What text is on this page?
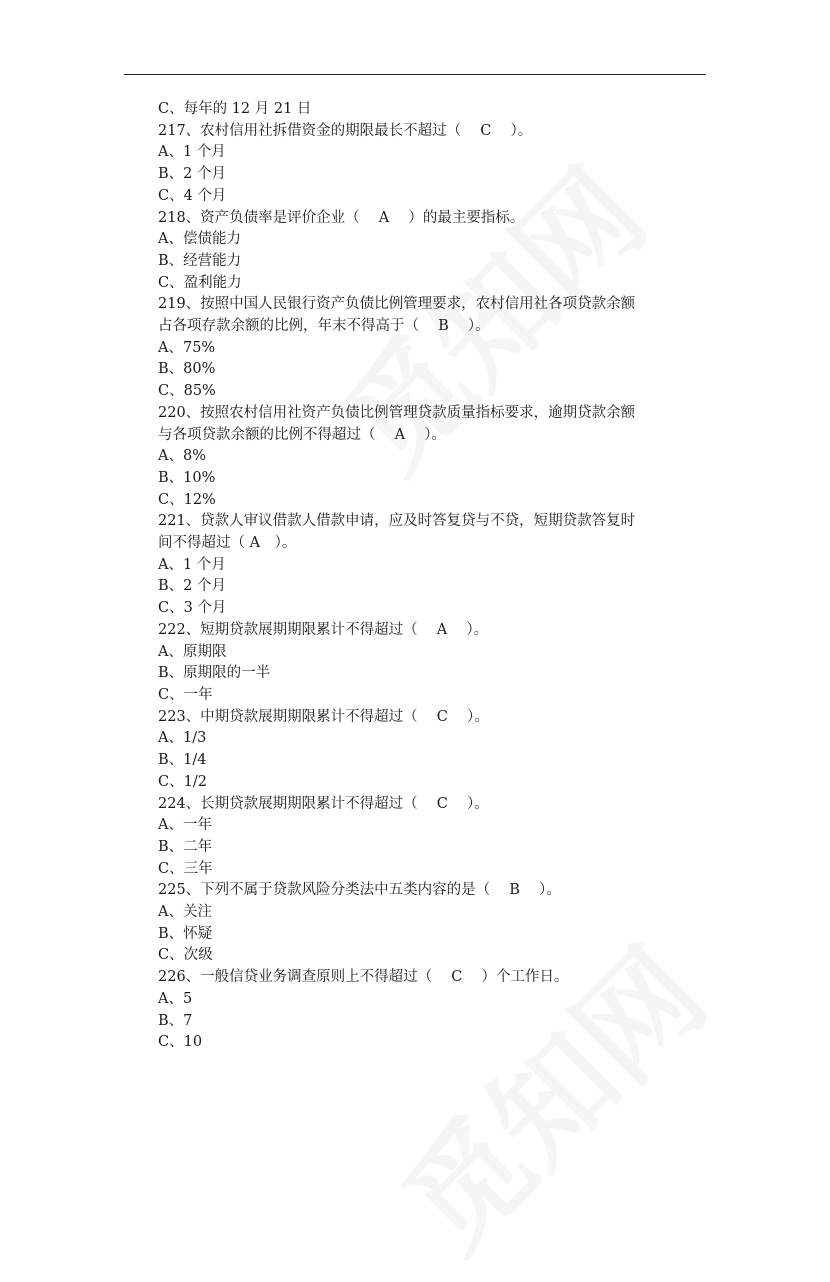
C、每年的 12 月 21 日
217、农村信用社拆借资金的期限最长不超过（　 C　 ）。
A、1 个月
B、2 个月
C、4 个月
218、资产负债率是评价企业（　 A　 ）的最主要指标。
A、偿债能力
B、经营能力
C、盈利能力
219、按照中国人民银行资产负债比例管理要求，农村信用社各项贷款余额
占各项存款余额的比例，年末不得高于（　 B　 ）。
A、75%
B、80%
C、85%
220、按照农村信用社资产负债比例管理贷款质量指标要求，逾期贷款余额
与各项贷款余额的比例不得超过（　 A　 ）。
A、8%
B、10%
C、12%
221、贷款人审议借款人借款申请，应及时答复贷与不贷，短期贷款答复时
间不得超过（ A　）。
A、1 个月
B、2 个月
C、3 个月
222、短期贷款展期期限累计不得超过（　 A　 ）。
A、原期限
B、原期限的一半
C、一年
223、中期贷款展期期限累计不得超过（　 C　 ）。
A、1/3
B、1/4
C、1/2
224、长期贷款展期期限累计不得超过（　 C　 ）。
A、一年
B、二年
C、三年
225、下列不属于贷款风险分类法中五类内容的是（　 B　 ）。
A、关注
B、怀疑
C、次级
226、一般信贷业务调查原则上不得超过（　 C　 ）个工作日。
A、5
B、7
C、10
